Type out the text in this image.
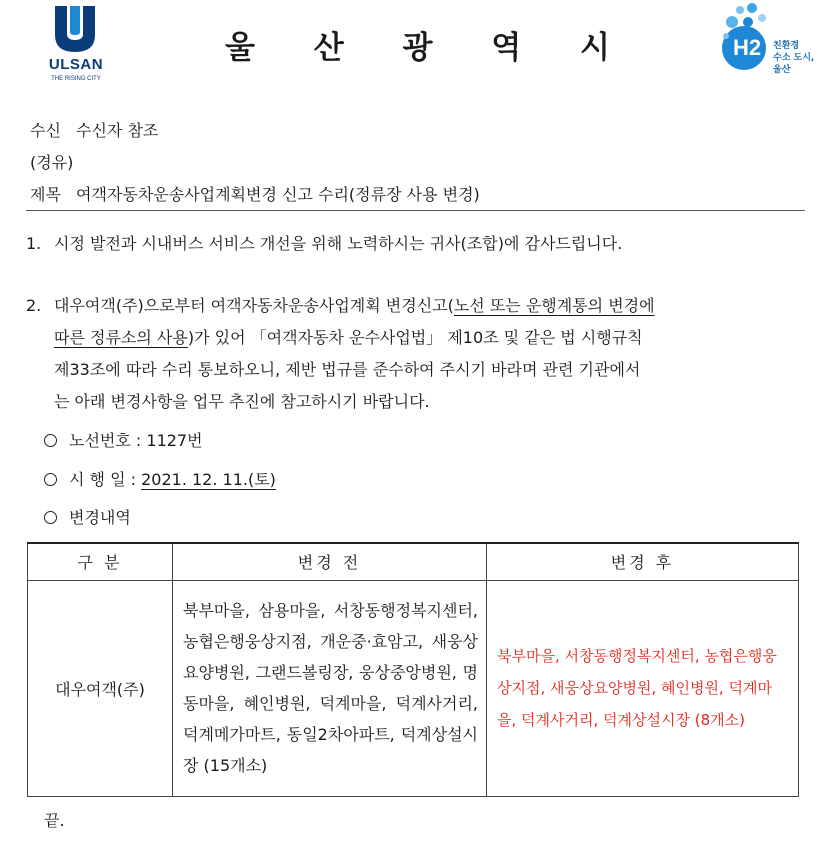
ULSAN
THE RISING CITY
울 산 광 역 시	H2 친환경
수소 도시,
울산
수신 수신자 참조
(경유)
제목 여객자동차운송사업계획변경 신고 수리(정류장 사용 변경)
1. 시정 발전과 시내버스 서비스 개선을 위해 노력하시는 귀사(조합)에 감사드립니다.
2. 대우여객(주)으로부터 여객자동차운송사업계획 변경신고(노선 또는 운행계통의 변경에
따른 정류소의 사용)가 있어 「여객자동차 운수사업법」 제10조 및 같은 법 시행규칙
제33조에 따라 수리 통보하오니, 제반 법규를 준수하여 주시기 바라며 관련 기관에서
는 아래 변경사항을 업무 추진에 참고하시기 바랍니다.
노선번호 : 1127번
시 행 일 : 2021. 12. 11.(토)
변경내역
구 분	변경 전	변경 후
대우여객(주)	북부마을, 삼용마을, 서창동행정복지센터, 농협은행웅상지점, 개운중·효암고, 새웅상요양병원, 그랜드볼링장, 웅상중앙병원, 명동마을, 혜인병원, 덕계마을, 덕계사거리, 덕계메가마트, 동일2차아파트, 덕계상설시장 (15개소)	북부마을, 서창동행정복지센터, 농협은행웅상지점, 새웅상요양병원, 혜인병원, 덕계마을, 덕계사거리, 덕계상설시장 (8개소)
끝.
